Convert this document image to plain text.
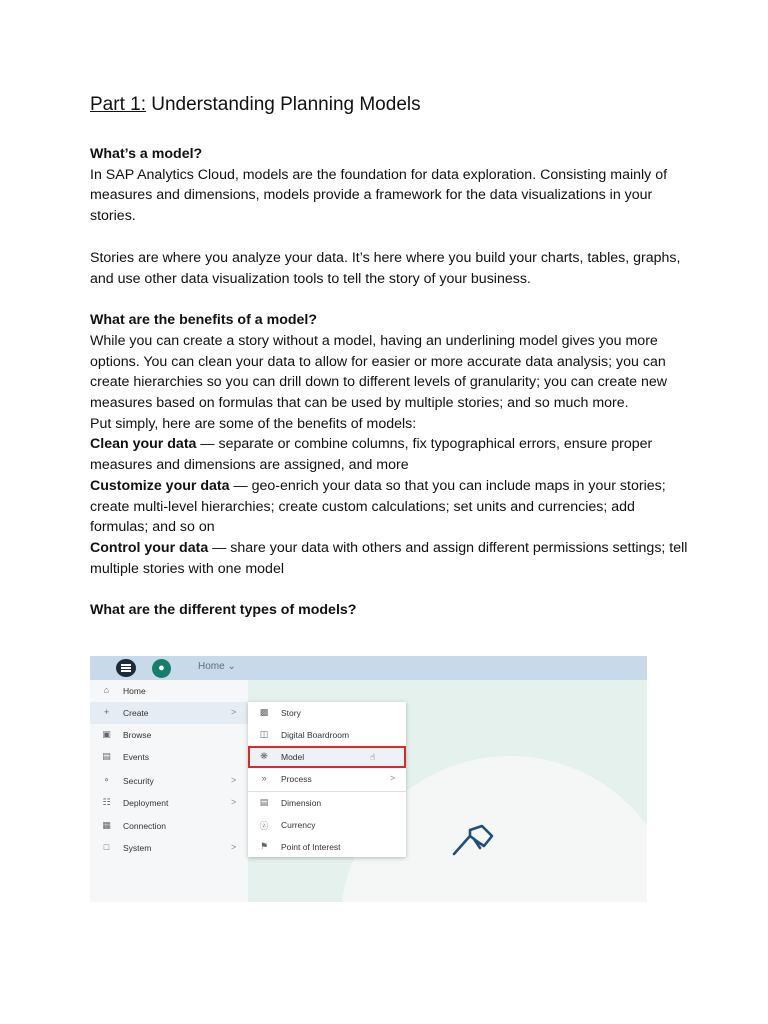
Part 1: Understanding Planning Models

What’s a model?

In SAP Analytics Cloud, models are the foundation for data exploration. Consisting mainly of measures and dimensions, models provide a framework for the data visualizations in your stories.

Stories are where you analyze your data. It’s here where you build your charts, tables, graphs, and use other data visualization tools to tell the story of your business.

What are the benefits of a model?

While you can create a story without a model, having an underlining model gives you more options. You can clean your data to allow for easier or more accurate data analysis; you can create hierarchies so you can drill down to different levels of granularity; you can create new measures based on formulas that can be used by multiple stories; and so much more.

Put simply, here are some of the benefits of models:

Clean your data — separate or combine columns, fix typographical errors, ensure proper measures and dimensions are assigned, and more

Customize your data — geo-enrich your data so that you can include maps in your stories; create multi-level hierarchies; create custom calculations; set units and currencies; add formulas; and so on

Control your data — share your data with others and assign different permissions settings; tell multiple stories with one model

What are the different types of models?

●	Home ⌄
⌂	Home
+	Create	>
▣ Browse
▤ Events
⚬ Security	>
☷ Deployment	>
▦ Connection
□	System	>
▩ Story
◫ Digital Boardroom
❋ Model	☝
»	Process	>
▤ Dimension
ⓩ Currency
⚑ Point of Interest
